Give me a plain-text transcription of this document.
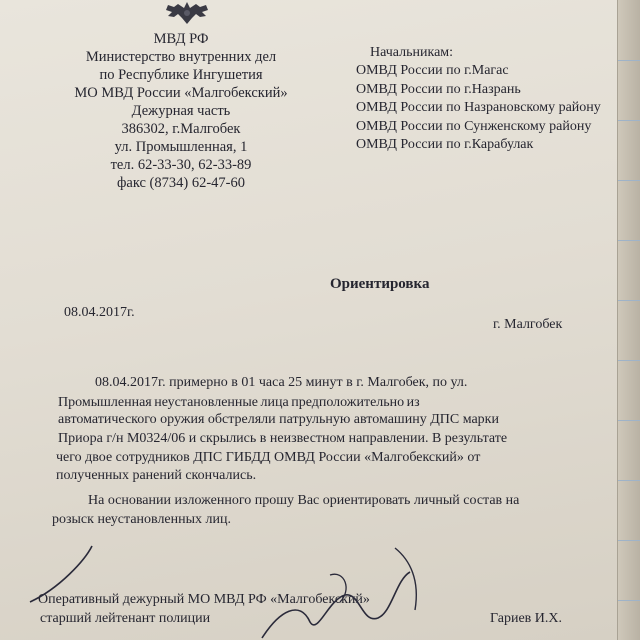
МВД РФ
Министерство внутренних дел
по Республике Ингушетия
МО МВД России «Малгобекский»
Дежурная часть
386302, г.Малгобек
ул. Промышленная, 1
тел. 62-33-30, 62-33-89
факс (8734) 62-47-60
Начальникам:
ОМВД России по г.Магас
ОМВД России по г.Назрань
ОМВД России по Назрановскому району
ОМВД России по Сунженскому району
ОМВД России по г.Карабулак
Ориентировка
08.04.2017г.
г. Малгобек
08.04.2017г. примерно в 01 часа 25 минут в г. Малгобек, по ул.
Промышленная неустановленные лица предположительно из
автоматического оружия обстреляли патрульную автомашину ДПС марки
Приора г/н М0324/06 и скрылись в неизвестном направлении. В результате
чего двое сотрудников ДПС ГИБДД ОМВД России «Малгобекский» от
полученных ранений скончались.
На основании изложенного прошу Вас ориентировать личный состав на
розыск неустановленных лиц.
Оперативный дежурный МО МВД РФ «Малгобекский»
старший лейтенант полиции	Гариев И.Х.
